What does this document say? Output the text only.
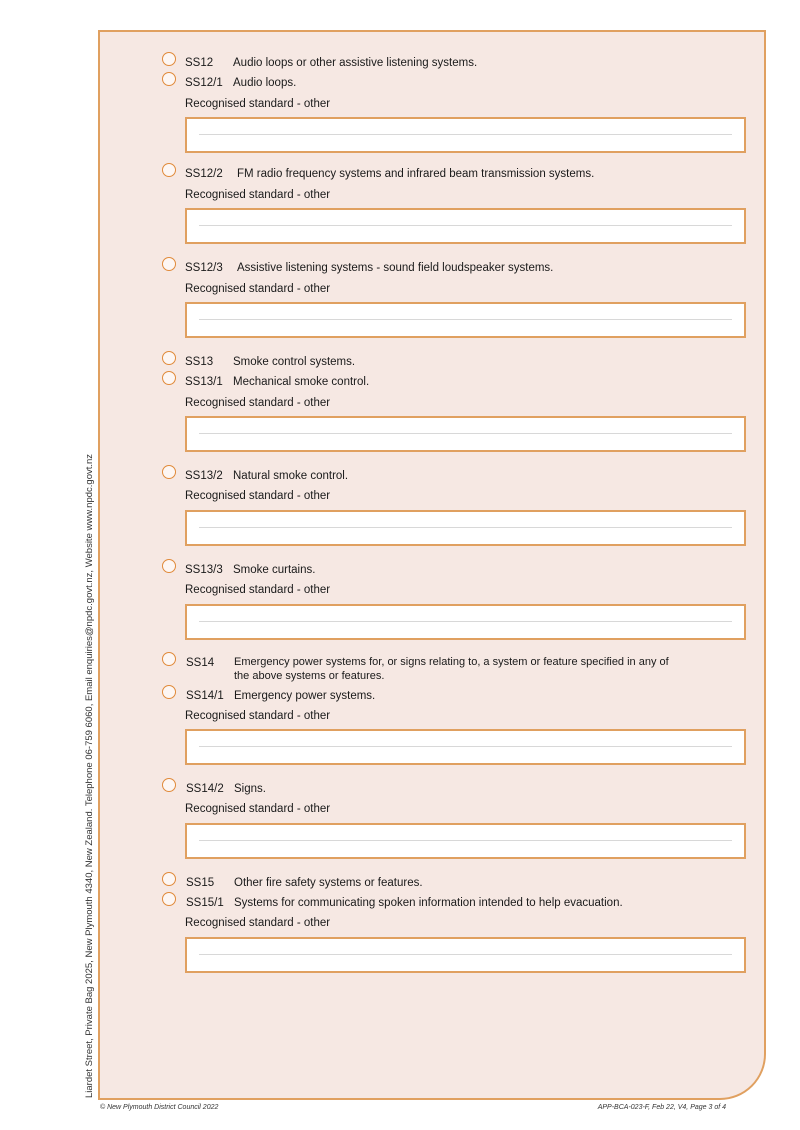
SS12 Audio loops or other assistive listening systems.
SS12/1 Audio loops.
Recognised standard - other
SS12/2 FM radio frequency systems and infrared beam transmission systems.
Recognised standard - other
SS12/3 Assistive listening systems - sound field loudspeaker systems.
Recognised standard - other
SS13 Smoke control systems.
SS13/1 Mechanical smoke control.
Recognised standard - other
SS13/2 Natural smoke control.
Recognised standard - other
SS13/3 Smoke curtains.
Recognised standard - other
SS14 Emergency power systems for, or signs relating to, a system or feature specified in any of the above systems or features.
SS14/1 Emergency power systems.
Recognised standard - other
SS14/2 Signs.
Recognised standard - other
SS15 Other fire safety systems or features.
SS15/1 Systems for communicating spoken information intended to help evacuation.
Recognised standard - other
Liardet Street, Private Bag 2025, New Plymouth 4340, New Zealand. Telephone 06-759 6060, Email enquiries@npdc.govt.nz, Website www.npdc.govt.nz
© New Plymouth District Council 2022	APP-BCA-023-F, Feb 22, V4, Page 3 of 4
